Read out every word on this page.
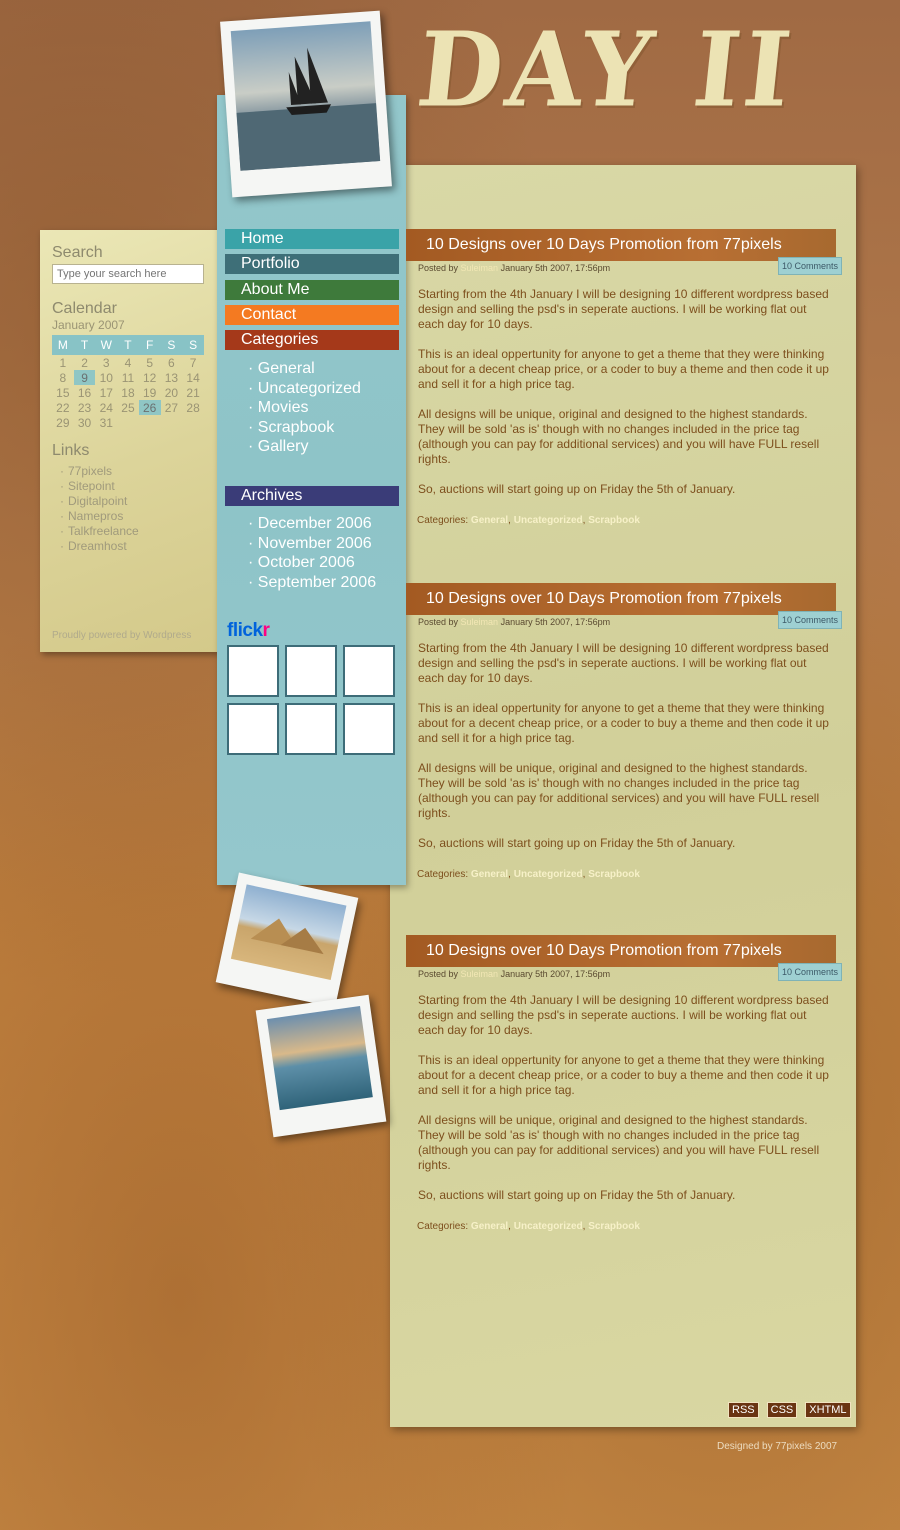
DAY II
Search
Type your search here
Calendar
January 2007
M	T	W	T	F	S	S
1	2	3	4	5	6	7
8	9	10	11	12	13	14
15	16	17	18	19	20	21
22	23	24	25	26	27	28
29	30	31				
Links
· 77pixels
· Sitepoint
· Digitalpoint
· Namepros
· Talkfreelance
· Dreamhost
Proudly powered by Wordpress
Home
Portfolio
About Me
Contact
Categories
· General
· Uncategorized
· Movies
· Scrapbook
· Gallery
Archives
· December 2006
· November 2006
· October 2006
· September 2006
flickr
10 Designs over 10 Days Promotion from 77pixels
Posted by Suleiman January 5th 2007, 17:56pm	10 Comments

Starting from the 4th January I will be designing 10 different wordpress based design and selling the psd's in seperate auctions. I will be working flat out each day for 10 days.

This is an ideal oppertunity for anyone to get a theme that they were thinking about for a decent cheap price, or a coder to buy a theme and then code it up and sell it for a high price tag.

All designs will be unique, original and designed to the highest standards. They will be sold 'as is' though with no changes included in the price tag (although you can pay for additional services) and you will have FULL resell rights.

So, auctions will start going up on Friday the 5th of January.

Categories: General, Uncategorized, Scrapbook
10 Designs over 10 Days Promotion from 77pixels
Posted by Suleiman January 5th 2007, 17:56pm	10 Comments

Starting from the 4th January I will be designing 10 different wordpress based design and selling the psd's in seperate auctions. I will be working flat out each day for 10 days.

This is an ideal oppertunity for anyone to get a theme that they were thinking about for a decent cheap price, or a coder to buy a theme and then code it up and sell it for a high price tag.

All designs will be unique, original and designed to the highest standards. They will be sold 'as is' though with no changes included in the price tag (although you can pay for additional services) and you will have FULL resell rights.

So, auctions will start going up on Friday the 5th of January.

Categories: General, Uncategorized, Scrapbook
10 Designs over 10 Days Promotion from 77pixels
Posted by Suleiman January 5th 2007, 17:56pm	10 Comments

Starting from the 4th January I will be designing 10 different wordpress based design and selling the psd's in seperate auctions. I will be working flat out each day for 10 days.

This is an ideal oppertunity for anyone to get a theme that they were thinking about for a decent cheap price, or a coder to buy a theme and then code it up and sell it for a high price tag.

All designs will be unique, original and designed to the highest standards. They will be sold 'as is' though with no changes included in the price tag (although you can pay for additional services) and you will have FULL resell rights.

So, auctions will start going up on Friday the 5th of January.

Categories: General, Uncategorized, Scrapbook
RSS	CSS	XHTML
Designed by 77pixels 2007
